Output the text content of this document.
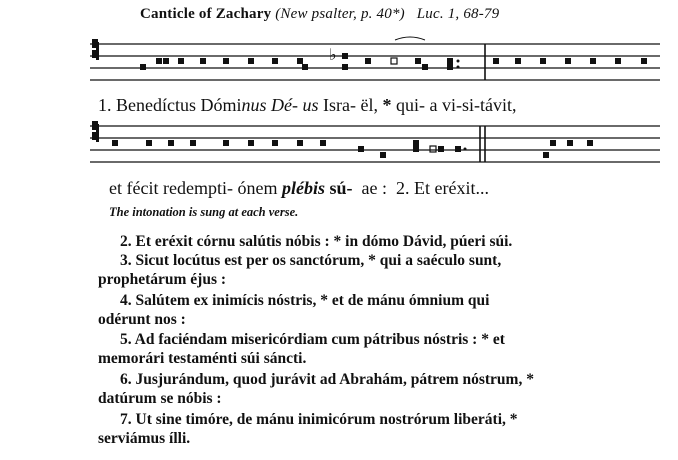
Canticle of Zachary (New psalter, p. 40*) Luc. 1, 68-79
♭
1. Benedíctus Dóminus Dé- us Isra- ël, * qui- a vi-si-távit,
et fécit redempti- ónem plébis sú- ae : 2. Et eréxit...
The intonation is sung at each verse.
2. Et eréxit córnu salútis nóbis : * in dómo Dávid, púeri súi.
3. Sicut locútus est per os sanctórum, * qui a saéculo sunt,
prophetárum éjus :
4. Salútem ex inimícis nóstris, * et de mánu ómnium qui
odérunt nos :
5. Ad faciéndam misericórdiam cum pátribus nóstris : * et
memorári testaménti súi sáncti.
6. Jusjurándum, quod jurávit ad Abrahám, pátrem nóstrum, *
datúrum se nóbis :
7. Ut sine timóre, de mánu inimicórum nostrórum liberáti, *
serviámus ílli.
